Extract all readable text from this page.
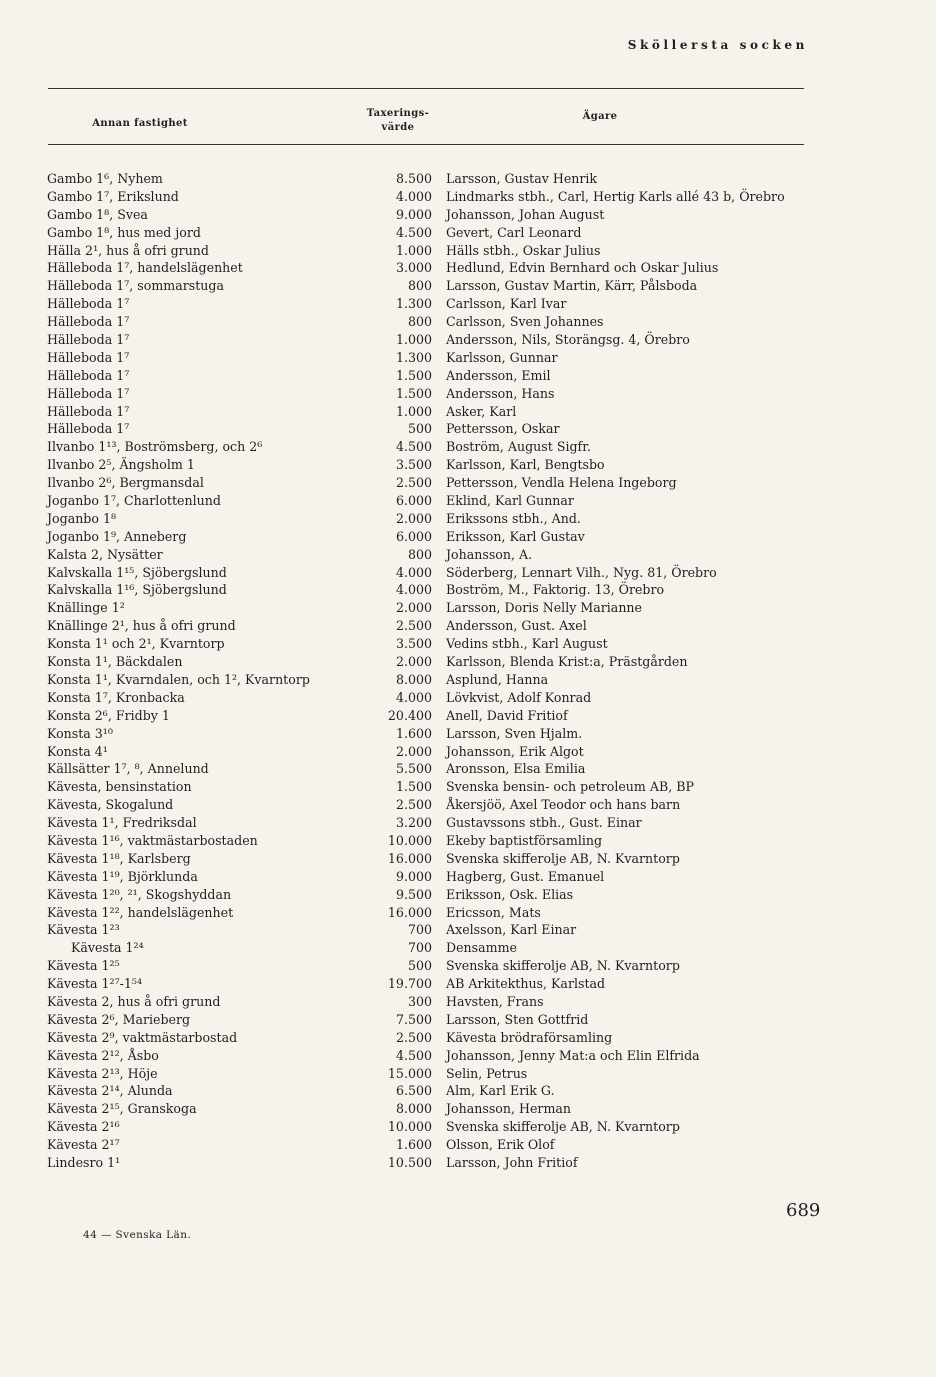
Sköllersta socken
Annan fastighet
Taxerings-
värde
Ägare
Gambo 1⁶, Nyhem	8.500 Larsson, Gustav Henrik
Gambo 1⁷, Erikslund	4.000 Lindmarks stbh., Carl, Hertig Karls allé 43 b, Örebro
Gambo 1⁸, Svea	9.000 Johansson, Johan August
Gambo 1⁸, hus med jord	4.500 Gevert, Carl Leonard
Hälla 2¹, hus å ofri grund	1.000 Hälls stbh., Oskar Julius
Hälleboda 1⁷, handelslägenhet	3.000 Hedlund, Edvin Bernhard och Oskar Julius
Hälleboda 1⁷, sommarstuga	800 Larsson, Gustav Martin, Kärr, Pålsboda
Hälleboda 1⁷	1.300 Carlsson, Karl Ivar
Hälleboda 1⁷	800 Carlsson, Sven Johannes
Hälleboda 1⁷	1.000 Andersson, Nils, Storängsg. 4, Örebro
Hälleboda 1⁷	1.300 Karlsson, Gunnar
Hälleboda 1⁷	1.500 Andersson, Emil
Hälleboda 1⁷	1.500 Andersson, Hans
Hälleboda 1⁷	1.000 Asker, Karl
Hälleboda 1⁷	500 Pettersson, Oskar
Ilvanbo 1¹³, Boströmsberg, och 2⁶	4.500 Boström, August Sigfr.
Ilvanbo 2⁵, Ängsholm 1	3.500 Karlsson, Karl, Bengtsbo
Ilvanbo 2⁶, Bergmansdal	2.500 Pettersson, Vendla Helena Ingeborg
Joganbo 1⁷, Charlottenlund	6.000 Eklind, Karl Gunnar
Joganbo 1⁸	2.000 Erikssons stbh., And.
Joganbo 1⁹, Anneberg	6.000 Eriksson, Karl Gustav
Kalsta 2, Nysätter	800 Johansson, A.
Kalvskalla 1¹⁵, Sjöbergslund	4.000 Söderberg, Lennart Vilh., Nyg. 81, Örebro
Kalvskalla 1¹⁶, Sjöbergslund	4.000 Boström, M., Faktorig. 13, Örebro
Knällinge 1²	2.000 Larsson, Doris Nelly Marianne
Knällinge 2¹, hus å ofri grund	2.500 Andersson, Gust. Axel
Konsta 1¹ och 2¹, Kvarntorp	3.500 Vedins stbh., Karl August
Konsta 1¹, Bäckdalen	2.000 Karlsson, Blenda Krist:a, Prästgården
Konsta 1¹, Kvarndalen, och 1², Kvarntorp	8.000 Asplund, Hanna
Konsta 1⁷, Kronbacka	4.000 Lövkvist, Adolf Konrad
Konsta 2⁶, Fridby 1	20.400 Anell, David Fritiof
Konsta 3¹⁰	1.600 Larsson, Sven Hjalm.
Konsta 4¹	2.000 Johansson, Erik Algot
Källsätter 1⁷, ⁸, Annelund	5.500 Aronsson, Elsa Emilia
Kävesta, bensinstation	1.500 Svenska bensin- och petroleum AB, BP
Kävesta, Skogalund	2.500 Åkersjöö, Axel Teodor och hans barn
Kävesta 1¹, Fredriksdal	3.200 Gustavssons stbh., Gust. Einar
Kävesta 1¹⁶, vaktmästarbostaden	10.000 Ekeby baptistförsamling
Kävesta 1¹⁸, Karlsberg	16.000 Svenska skifferolje AB, N. Kvarntorp
Kävesta 1¹⁹, Björklunda	9.000 Hagberg, Gust. Emanuel
Kävesta 1²⁰, ²¹, Skogshyddan	9.500 Eriksson, Osk. Elias
Kävesta 1²², handelslägenhet	16.000 Ericsson, Mats
Kävesta 1²³	700 Axelsson, Karl Einar
Kävesta 1²⁴	700 Densamme
Kävesta 1²⁵	500 Svenska skifferolje AB, N. Kvarntorp
Kävesta 1²⁷-1⁵⁴	19.700 AB Arkitekthus, Karlstad
Kävesta 2, hus å ofri grund	300 Havsten, Frans
Kävesta 2⁶, Marieberg	7.500 Larsson, Sten Gottfrid
Kävesta 2⁹, vaktmästarbostad	2.500 Kävesta brödraförsamling
Kävesta 2¹², Åsbo	4.500 Johansson, Jenny Mat:a och Elin Elfrida
Kävesta 2¹³, Höje	15.000 Selin, Petrus
Kävesta 2¹⁴, Alunda	6.500 Alm, Karl Erik G.
Kävesta 2¹⁵, Granskoga	8.000 Johansson, Herman
Kävesta 2¹⁶	10.000 Svenska skifferolje AB, N. Kvarntorp
Kävesta 2¹⁷	1.600 Olsson, Erik Olof
Lindesro 1¹	10.500 Larsson, John Fritiof
689
44 — Svenska Län.
